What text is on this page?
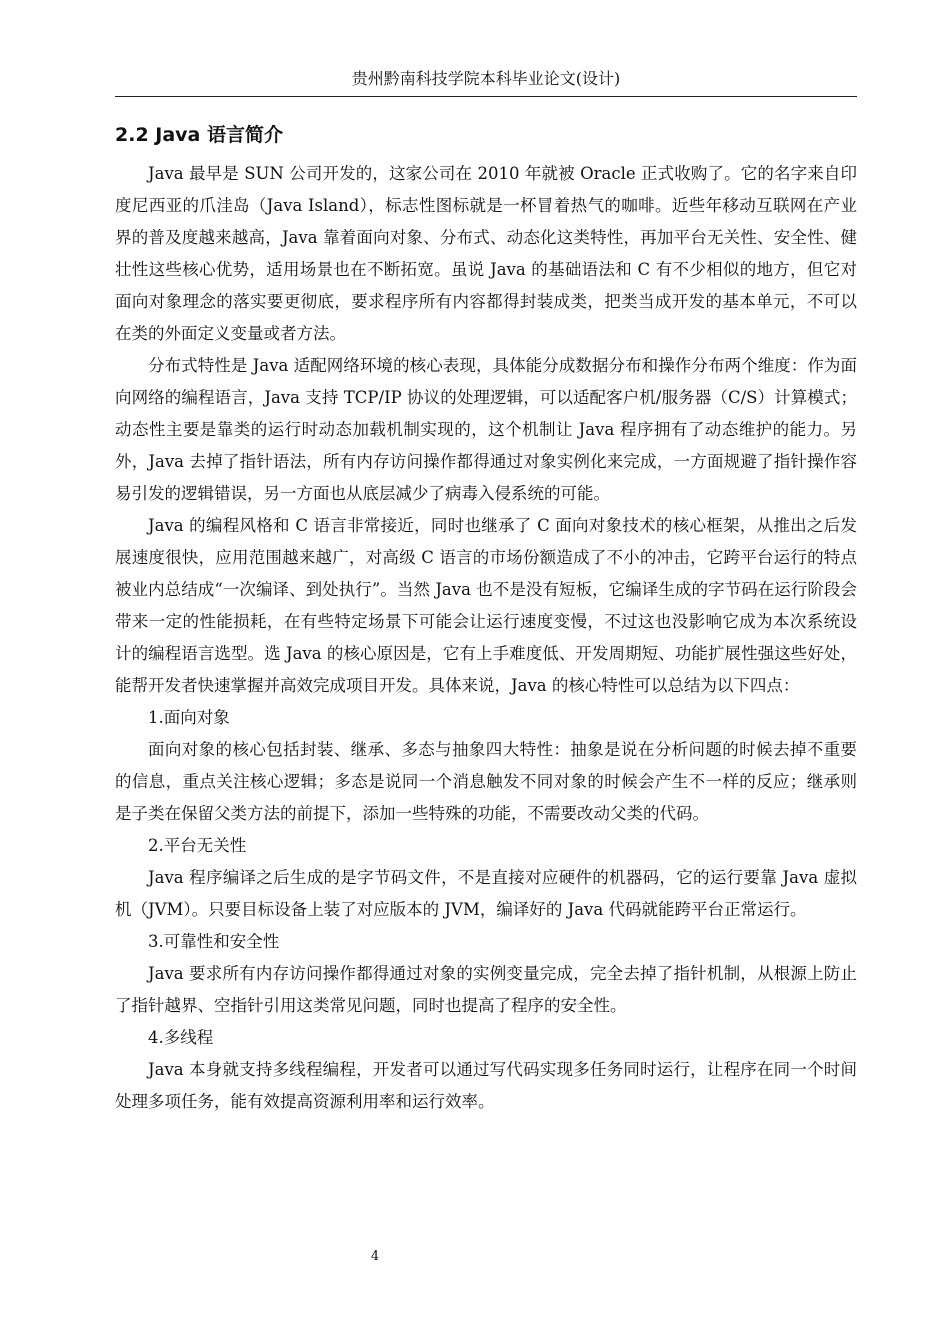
贵州黔南科技学院本科毕业论文(设计)
2.2 Java 语言简介

Java 最早是 SUN 公司开发的，这家公司在 2010 年就被 Oracle 正式收购了。它的名字来自印度尼西亚的爪洼岛（Java Island），标志性图标就是一杯冒着热气的咖啡。近些年移动互联网在产业界的普及度越来越高，Java 靠着面向对象、分布式、动态化这类特性，再加平台无关性、安全性、健壮性这些核心优势，适用场景也在不断拓宽。虽说 Java 的基础语法和 C 有不少相似的地方，但它对面向对象理念的落实要更彻底，要求程序所有内容都得封装成类，把类当成开发的基本单元，不可以在类的外面定义变量或者方法。

分布式特性是 Java 适配网络环境的核心表现，具体能分成数据分布和操作分布两个维度：作为面向网络的编程语言，Java 支持 TCP/IP 协议的处理逻辑，可以适配客户机/服务器（C/S）计算模式；动态性主要是靠类的运行时动态加载机制实现的，这个机制让 Java 程序拥有了动态维护的能力。另外，Java 去掉了指针语法，所有内存访问操作都得通过对象实例化来完成，一方面规避了指针操作容易引发的逻辑错误，另一方面也从底层减少了病毒入侵系统的可能。

Java 的编程风格和 C 语言非常接近，同时也继承了 C 面向对象技术的核心框架，从推出之后发展速度很快，应用范围越来越广，对高级 C 语言的市场份额造成了不小的冲击，它跨平台运行的特点被业内总结成“一次编译、到处执行”。当然 Java 也不是没有短板，它编译生成的字节码在运行阶段会带来一定的性能损耗，在有些特定场景下可能会让运行速度变慢，不过这也没影响它成为本次系统设计的编程语言选型。选 Java 的核心原因是，它有上手难度低、开发周期短、功能扩展性强这些好处，能帮开发者快速掌握并高效完成项目开发。具体来说，Java 的核心特性可以总结为以下四点：

1.面向对象

面向对象的核心包括封装、继承、多态与抽象四大特性：抽象是说在分析问题的时候去掉不重要的信息，重点关注核心逻辑；多态是说同一个消息触发不同对象的时候会产生不一样的反应；继承则是子类在保留父类方法的前提下，添加一些特殊的功能，不需要改动父类的代码。

2.平台无关性

Java 程序编译之后生成的是字节码文件，不是直接对应硬件的机器码，它的运行要靠 Java 虚拟机（JVM）。只要目标设备上装了对应版本的 JVM，编译好的 Java 代码就能跨平台正常运行。

3.可靠性和安全性

Java 要求所有内存访问操作都得通过对象的实例变量完成，完全去掉了指针机制，从根源上防止了指针越界、空指针引用这类常见问题，同时也提高了程序的安全性。

4.多线程

Java 本身就支持多线程编程，开发者可以通过写代码实现多任务同时运行，让程序在同一个时间处理多项任务，能有效提高资源利用率和运行效率。

4
